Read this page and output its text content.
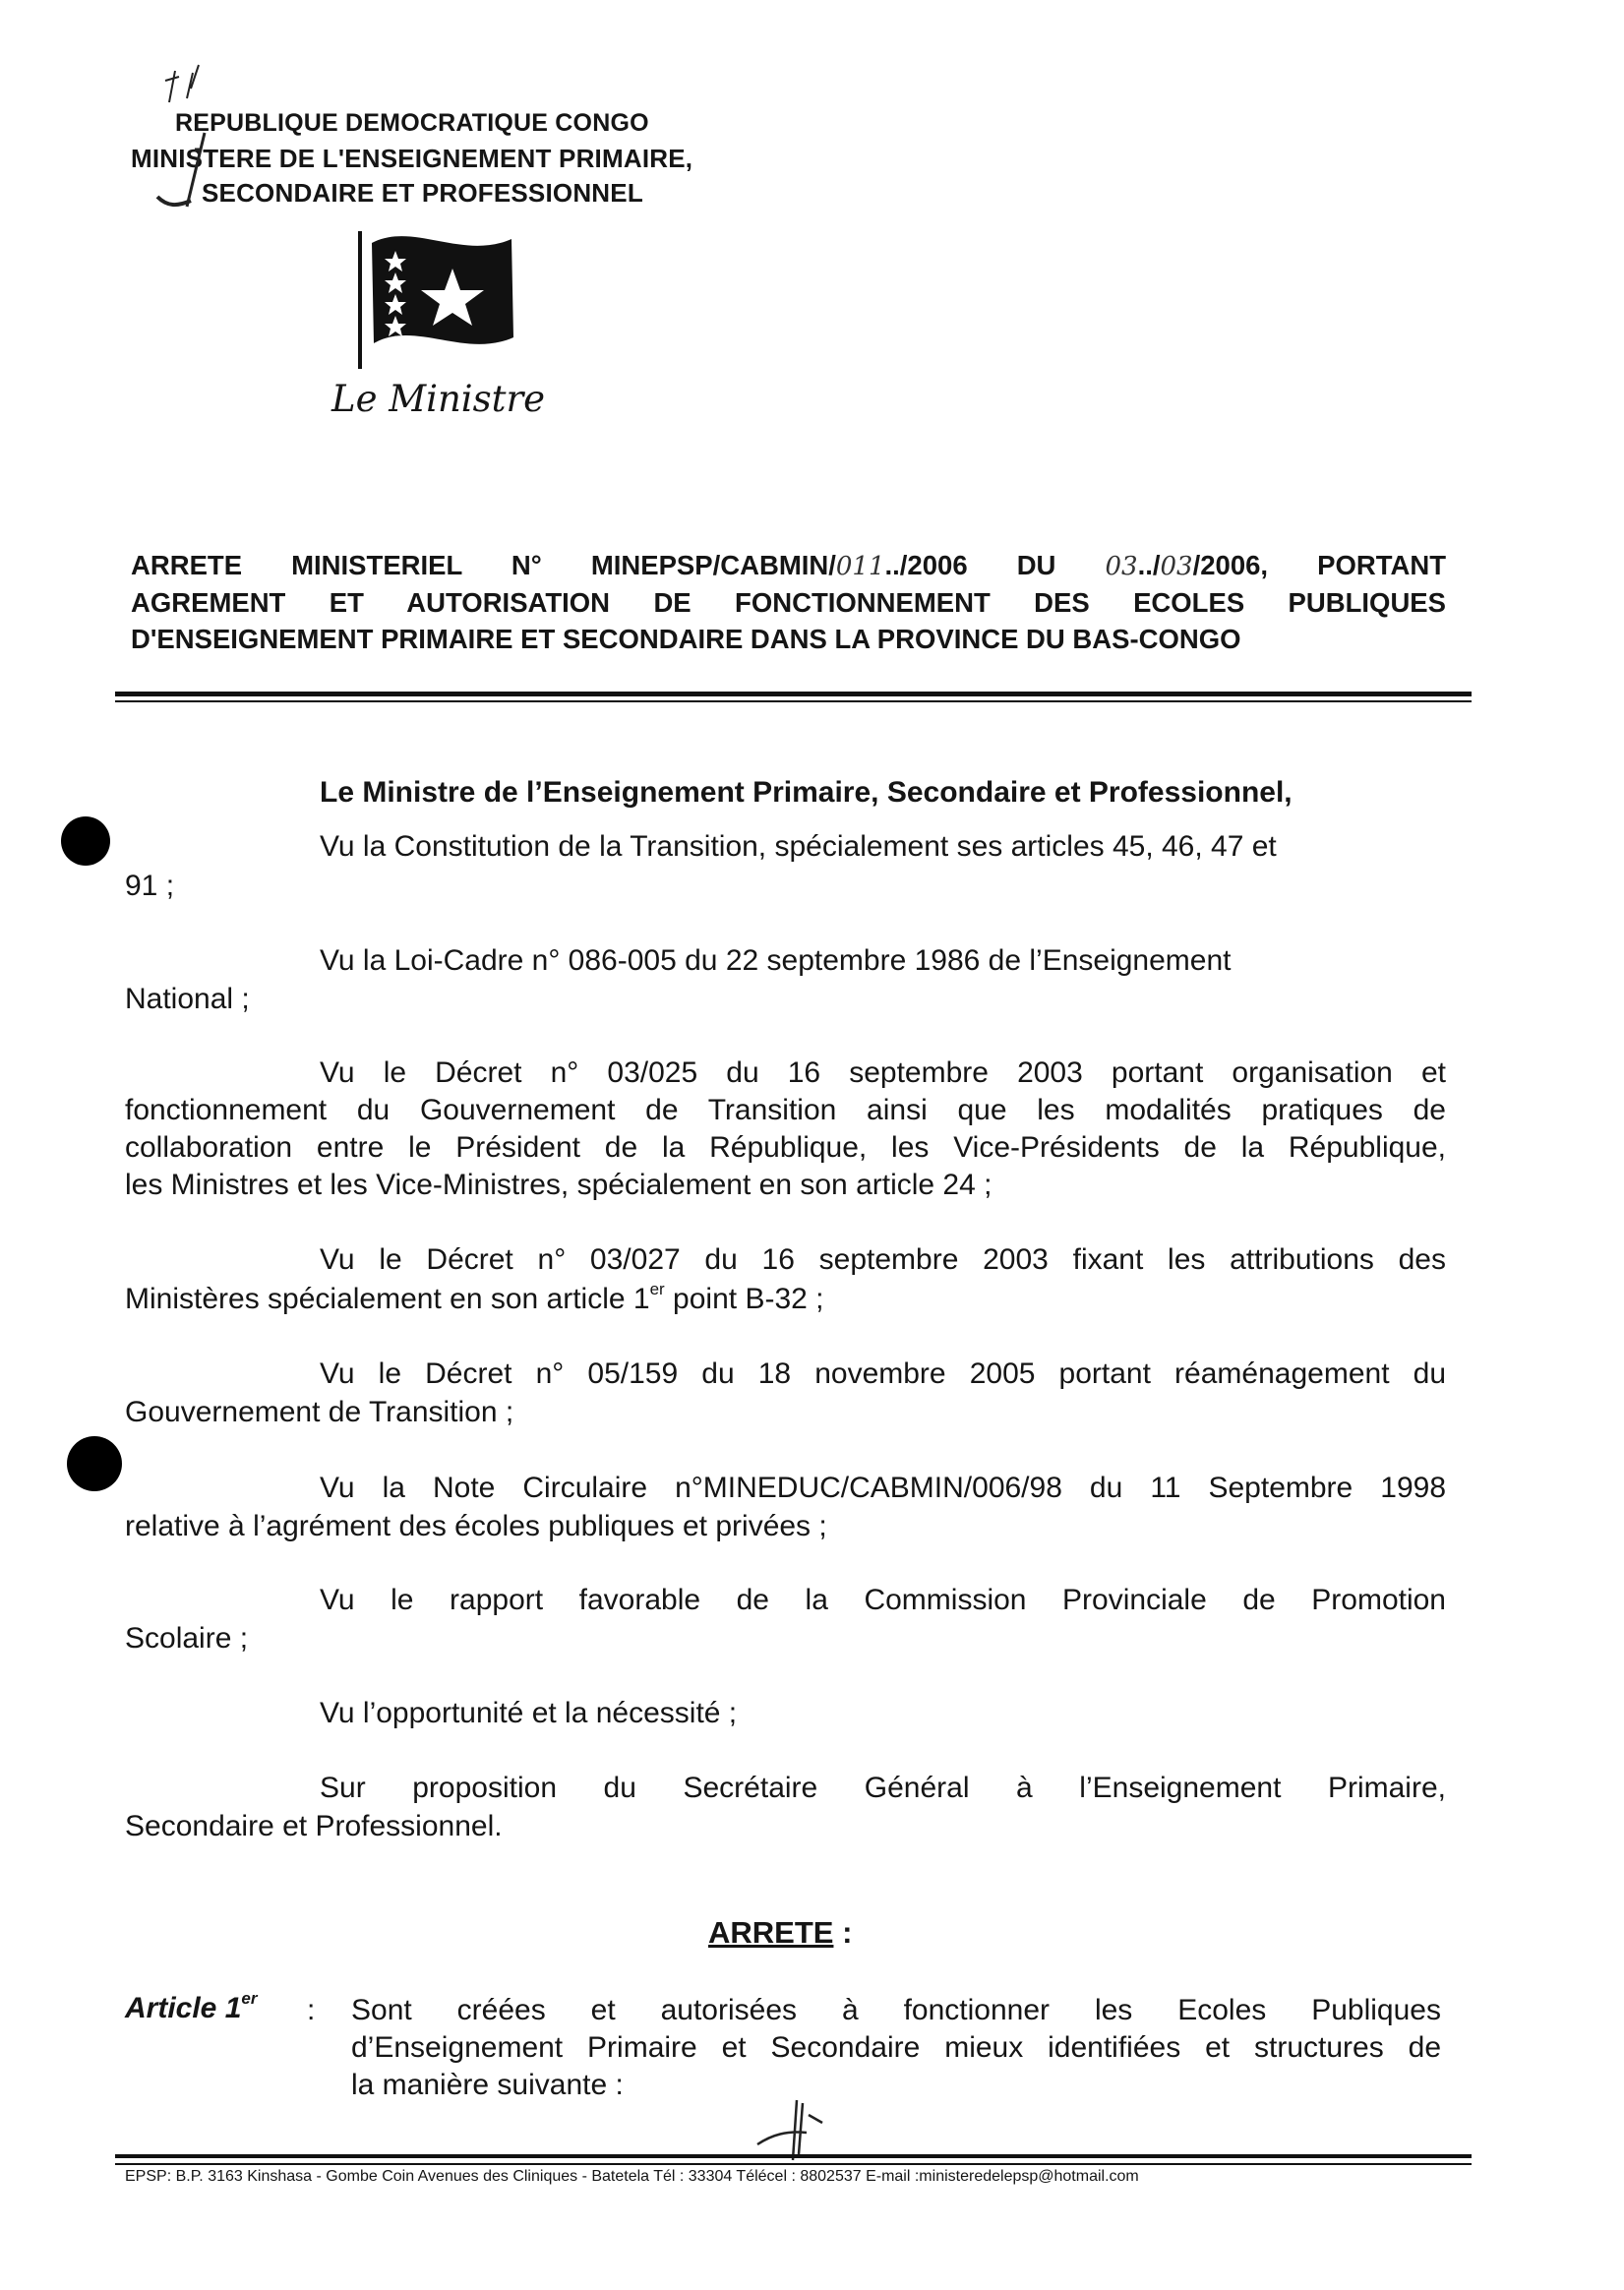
REPUBLIQUE DEMOCRATIQUE CONGO
MINISTERE DE L'ENSEIGNEMENT PRIMAIRE,
SECONDAIRE ET PROFESSIONNEL
Le Ministre
ARRETE MINISTERIEL N° MINEPSP/CABMIN/011../2006 DU 03../03/2006, PORTANT
AGREMENT ET AUTORISATION DE FONCTIONNEMENT DES ECOLES PUBLIQUES
D'ENSEIGNEMENT PRIMAIRE ET SECONDAIRE DANS LA PROVINCE DU BAS-CONGO
Le Ministre de l’Enseignement Primaire, Secondaire et Professionnel,
Vu la Constitution de la Transition, spécialement ses articles 45, 46, 47 et
91 ;
Vu la Loi-Cadre n° 086-005 du 22 septembre 1986 de l’Enseignement
National ;
Vu le Décret n° 03/025 du 16 septembre 2003 portant organisation et
fonctionnement du Gouvernement de Transition ainsi que les modalités pratiques de
collaboration entre le Président de la République, les Vice-Présidents de la République,
les Ministres et les Vice-Ministres, spécialement en son article 24 ;
Vu le Décret n° 03/027 du 16 septembre 2003 fixant les attributions des
Ministères spécialement en son article 1er point B-32 ;
Vu le Décret n° 05/159 du 18 novembre 2005 portant réaménagement du
Gouvernement de Transition ;
Vu la Note Circulaire n°MINEDUC/CABMIN/006/98 du 11 Septembre 1998
relative à l’agrément des écoles publiques et privées ;
Vu le rapport favorable de la Commission Provinciale de Promotion
Scolaire ;
Vu l’opportunité et la nécessité ;
Sur proposition du Secrétaire Général à l’Enseignement Primaire,
Secondaire et Professionnel.
ARRETE :
Article 1er : Sont créées et autorisées à fonctionner les Ecoles Publiques
d’Enseignement Primaire et Secondaire mieux identifiées et structures de
la manière suivante :
EPSP: B.P. 3163 Kinshasa - Gombe Coin Avenues des Cliniques - Batetela Tél : 33304 Télécel : 8802537 E-mail :ministeredelepsp@hotmail.com
